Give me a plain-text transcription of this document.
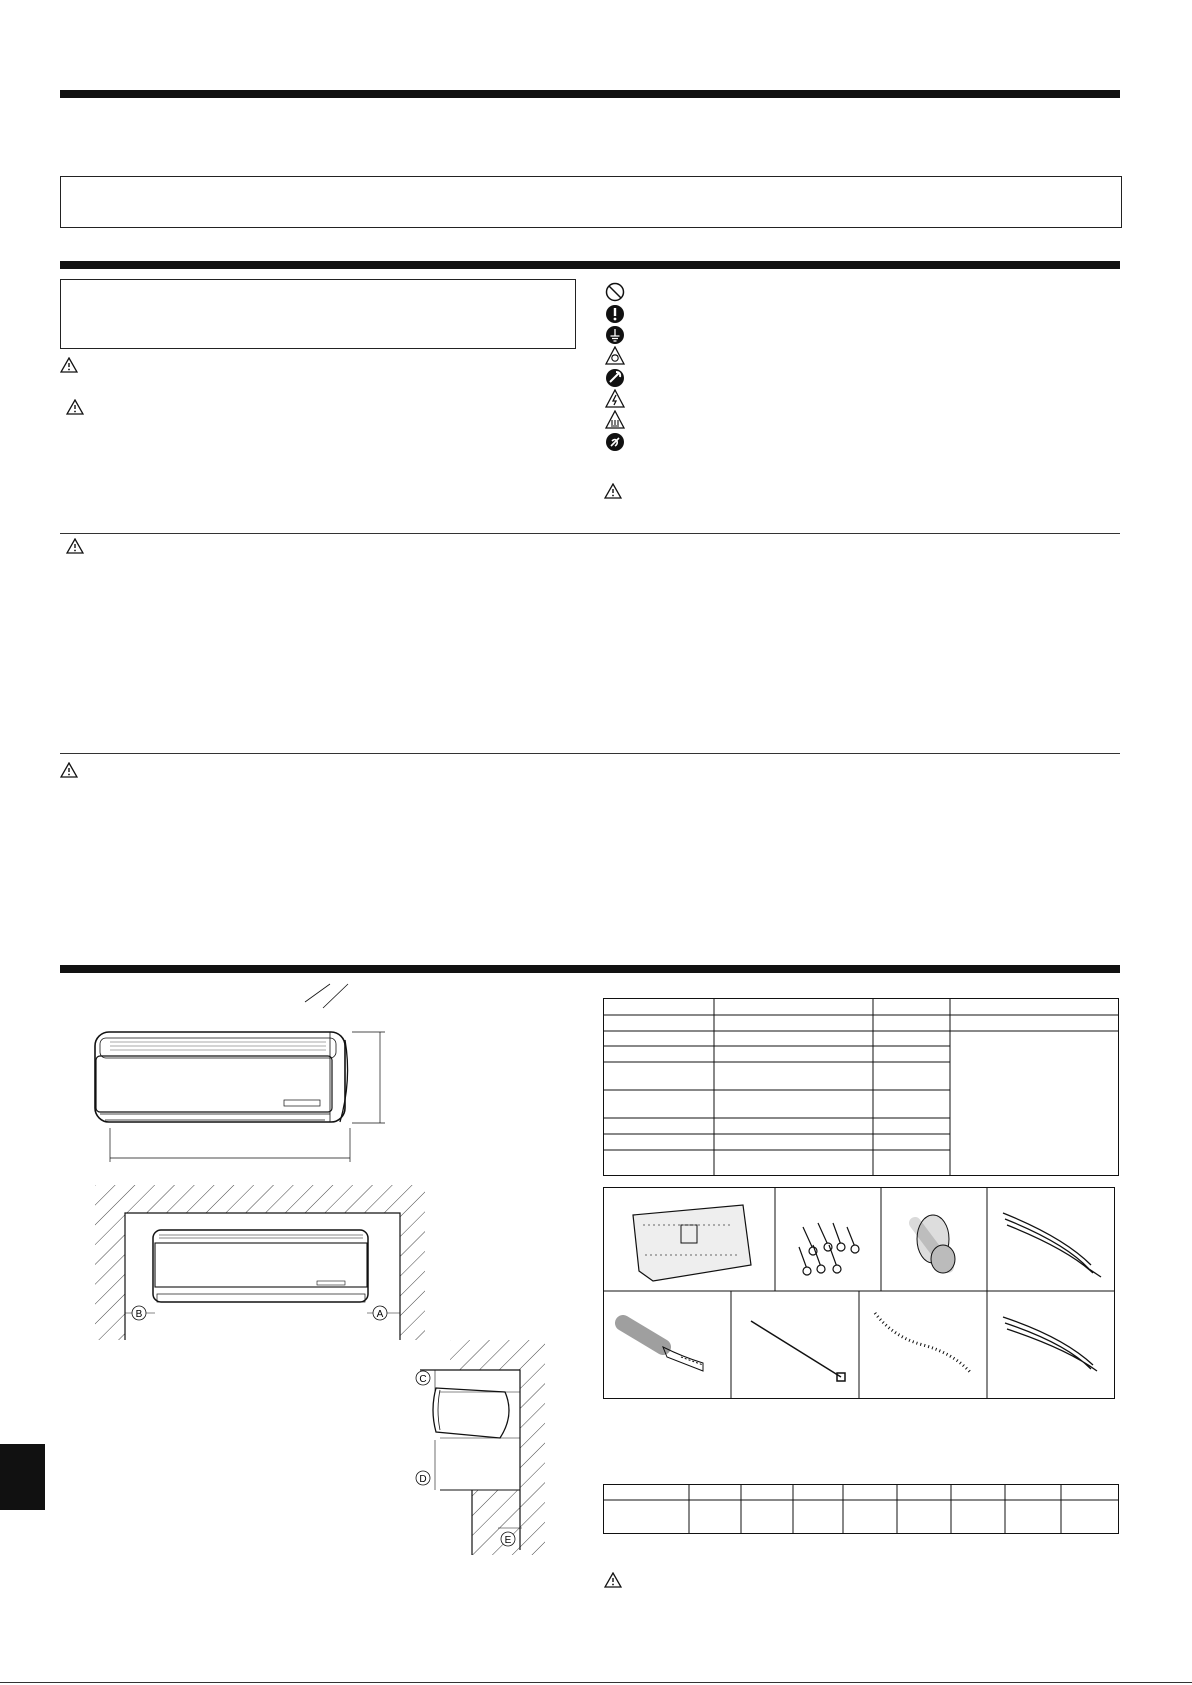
B	A
C
D
E
